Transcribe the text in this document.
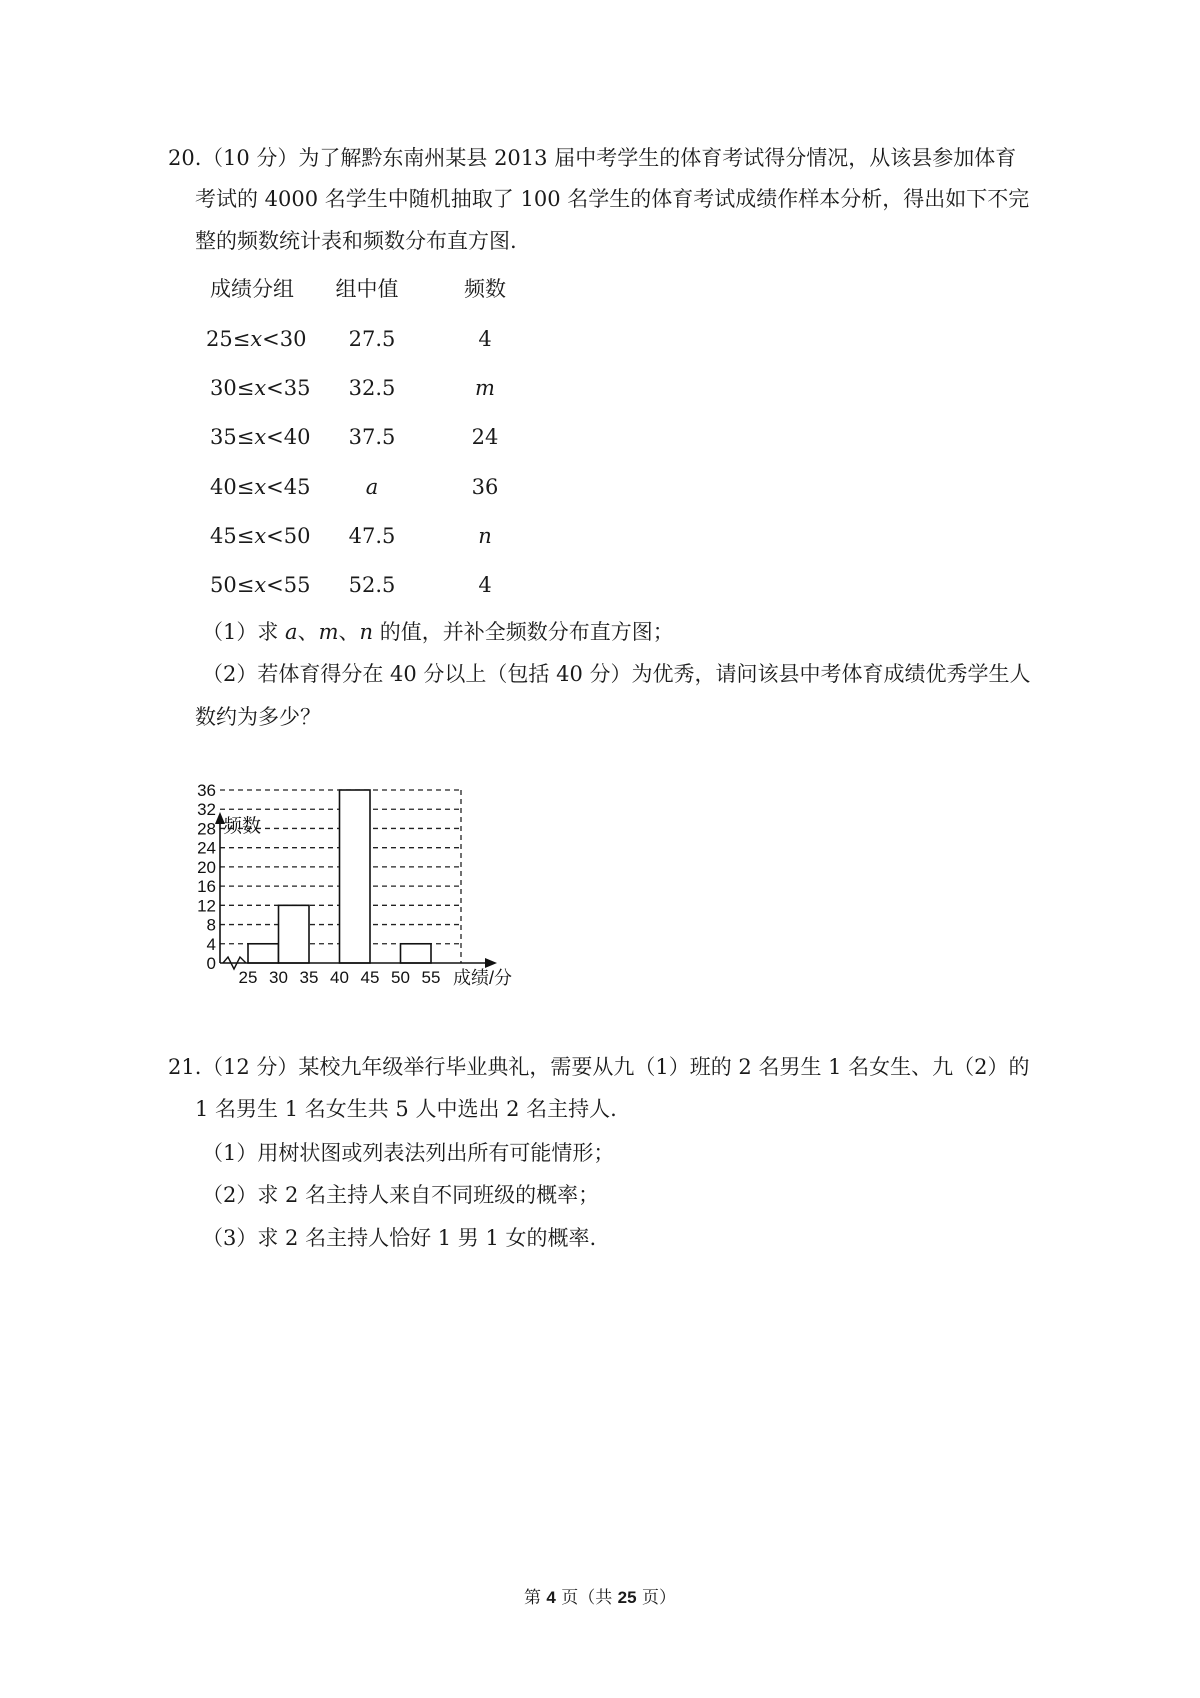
20. （10 分）为了解黔东南州某县 2013 届中考学生的体育考试得分情况，从该县参加体育
考试的 4000 名学生中随机抽取了 100 名学生的体育考试成绩作样本分析，得出如下不完
整的频数统计表和频数分布直方图.
成绩分组	组中值	频数
25≤x<30	27.5	4
30≤x<35	32.5	m
35≤x<40	37.5	24
40≤x<45	a	36
45≤x<50	47.5	n
50≤x<55	52.5	4
（1）求 a、m、n 的值，并补全频数分布直方图；
（2）若体育得分在 40 分以上（包括 40 分）为优秀，请问该县中考体育成绩优秀学生人
数约为多少？
0
4
8
12
16
20
24
28
32
36
25 30 35 40 45 50 55
频数
成绩/分
21. （12 分）某校九年级举行毕业典礼，需要从九（1）班的 2 名男生 1 名女生、九（2）的
1 名男生 1 名女生共 5 人中选出 2 名主持人.
（1）用树状图或列表法列出所有可能情形；
（2）求 2 名主持人来自不同班级的概率；
（3）求 2 名主持人恰好 1 男 1 女的概率.
第 4 页（共 25 页）
